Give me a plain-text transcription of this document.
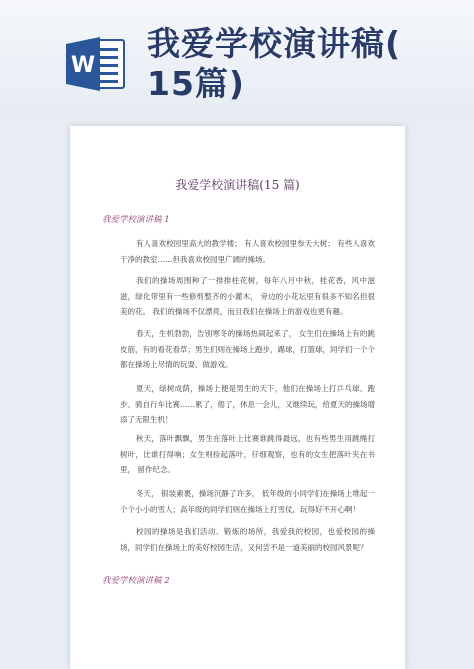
W
我爱学校演讲稿(
15篇)
我爱学校演讲稿(15 篇)
我爱学校演讲稿 1
有人喜欢校园里高大的教学楼； 有人喜欢校园里参天大树； 有些人喜欢干净的教室……但我喜欢校园里广阔的操场。
我们的操场周围种了一排排柱花树，每年八月中秋，桂花香，风中滋滋，绿化带里有一些修剪整齐的小灌木， 旁边的小花坛里有很多不知名但很美的花。 我们的操场不仅漂亮，而且我们在操场上的游戏也更有趣。
春天，生机勃勃，告别寒冬的操场热闹起来了， 女生们在操场上有的跳皮筋，有的看花看草；男生们则在操场上跑步，踢球，打篮球，同学们一个个都在操场上尽情的玩耍、做游戏。
夏天，绿树成荫，操场上便是男生的天下，他们在操场上打乒乓球、跑步、骑自行车比赛……累了，倦了，休息一会儿，又继续玩，给夏天的操场增添了无限生机！
秋天，落叶飘飘，男生在落叶上比赛谁跳得最远，也有些男生用跳绳打树叶，比谁打得响；女生则捡起落叶，仔细观察，也有的女生把落叶夹在书里， 留作纪念。
冬天， 银装素裹，操场沉静了许多， 低年级的小同学们在操场上堆起一个个小小的雪人；高年级的同学们则在操场上打雪仗，玩得好不开心啊！
校园的操场是我们活动、锻炼的场所，我爱我的校园，也爱校园的操场，同学们在操场上的美好校园生活，又何尝不是一道美丽的校园风景呢？
我爱学校演讲稿 2
